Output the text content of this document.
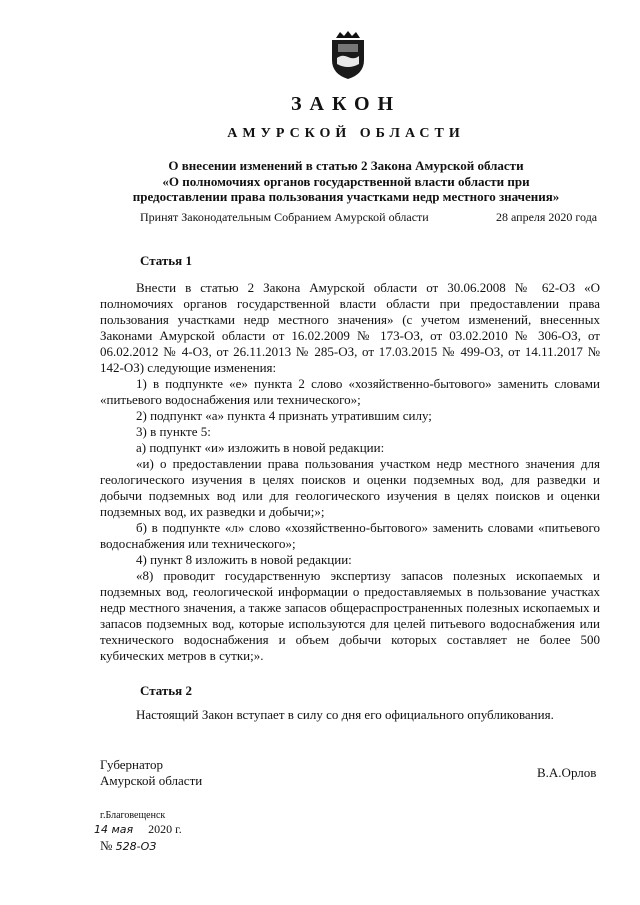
ЗАКОН
АМУРСКОЙ ОБЛАСТИ
О внесении изменений в статью 2 Закона Амурской области
«О полномочиях органов государственной власти области при
предоставлении права пользования участками недр местного значения»
Принят Законодательным Собранием Амурской области	28 апреля 2020 года
Статья 1

Внести в статью 2 Закона Амурской области от 30.06.2008 № 62-ОЗ «О полномочиях органов государственной власти области при предоставлении права пользования участками недр местного значения» (с учетом изменений, внесенных Законами Амурской области от 16.02.2009 № 173-ОЗ, от 03.02.2010 № 306-ОЗ, от 06.02.2012 № 4-ОЗ, от 26.11.2013 № 285-ОЗ, от 17.03.2015 № 499-ОЗ, от 14.11.2017 № 142-ОЗ) следующие изменения:

1) в подпункте «е» пункта 2 слово «хозяйственно-бытового» заменить словами «питьевого водоснабжения или технического»;

2) подпункт «а» пункта 4 признать утратившим силу;

3) в пункте 5:

а) подпункт «и» изложить в новой редакции:

«и) о предоставлении права пользования участком недр местного значения для геологического изучения в целях поисков и оценки подземных вод, для разведки и добычи подземных вод или для геологического изучения в целях поисков и оценки подземных вод, их разведки и добычи;»;

б) в подпункте «л» слово «хозяйственно-бытового» заменить словами «питьевого водоснабжения или технического»;

4) пункт 8 изложить в новой редакции:

«8) проводит государственную экспертизу запасов полезных ископаемых и подземных вод, геологической информации о предоставляемых в пользование участках недр местного значения, а также запасов общераспространенных полезных ископаемых и запасов подземных вод, которые используются для целей питьевого водоснабжения или технического водоснабжения и объем добычи которых составляет не более 500 кубических метров в сутки;».

Статья 2
Настоящий Закон вступает в силу со дня его официального опубликования.
Губернатор
Амурской области	В.А.Орлов
г.Благовещенск
14 мая 2020 г.
№ 528-ОЗ
